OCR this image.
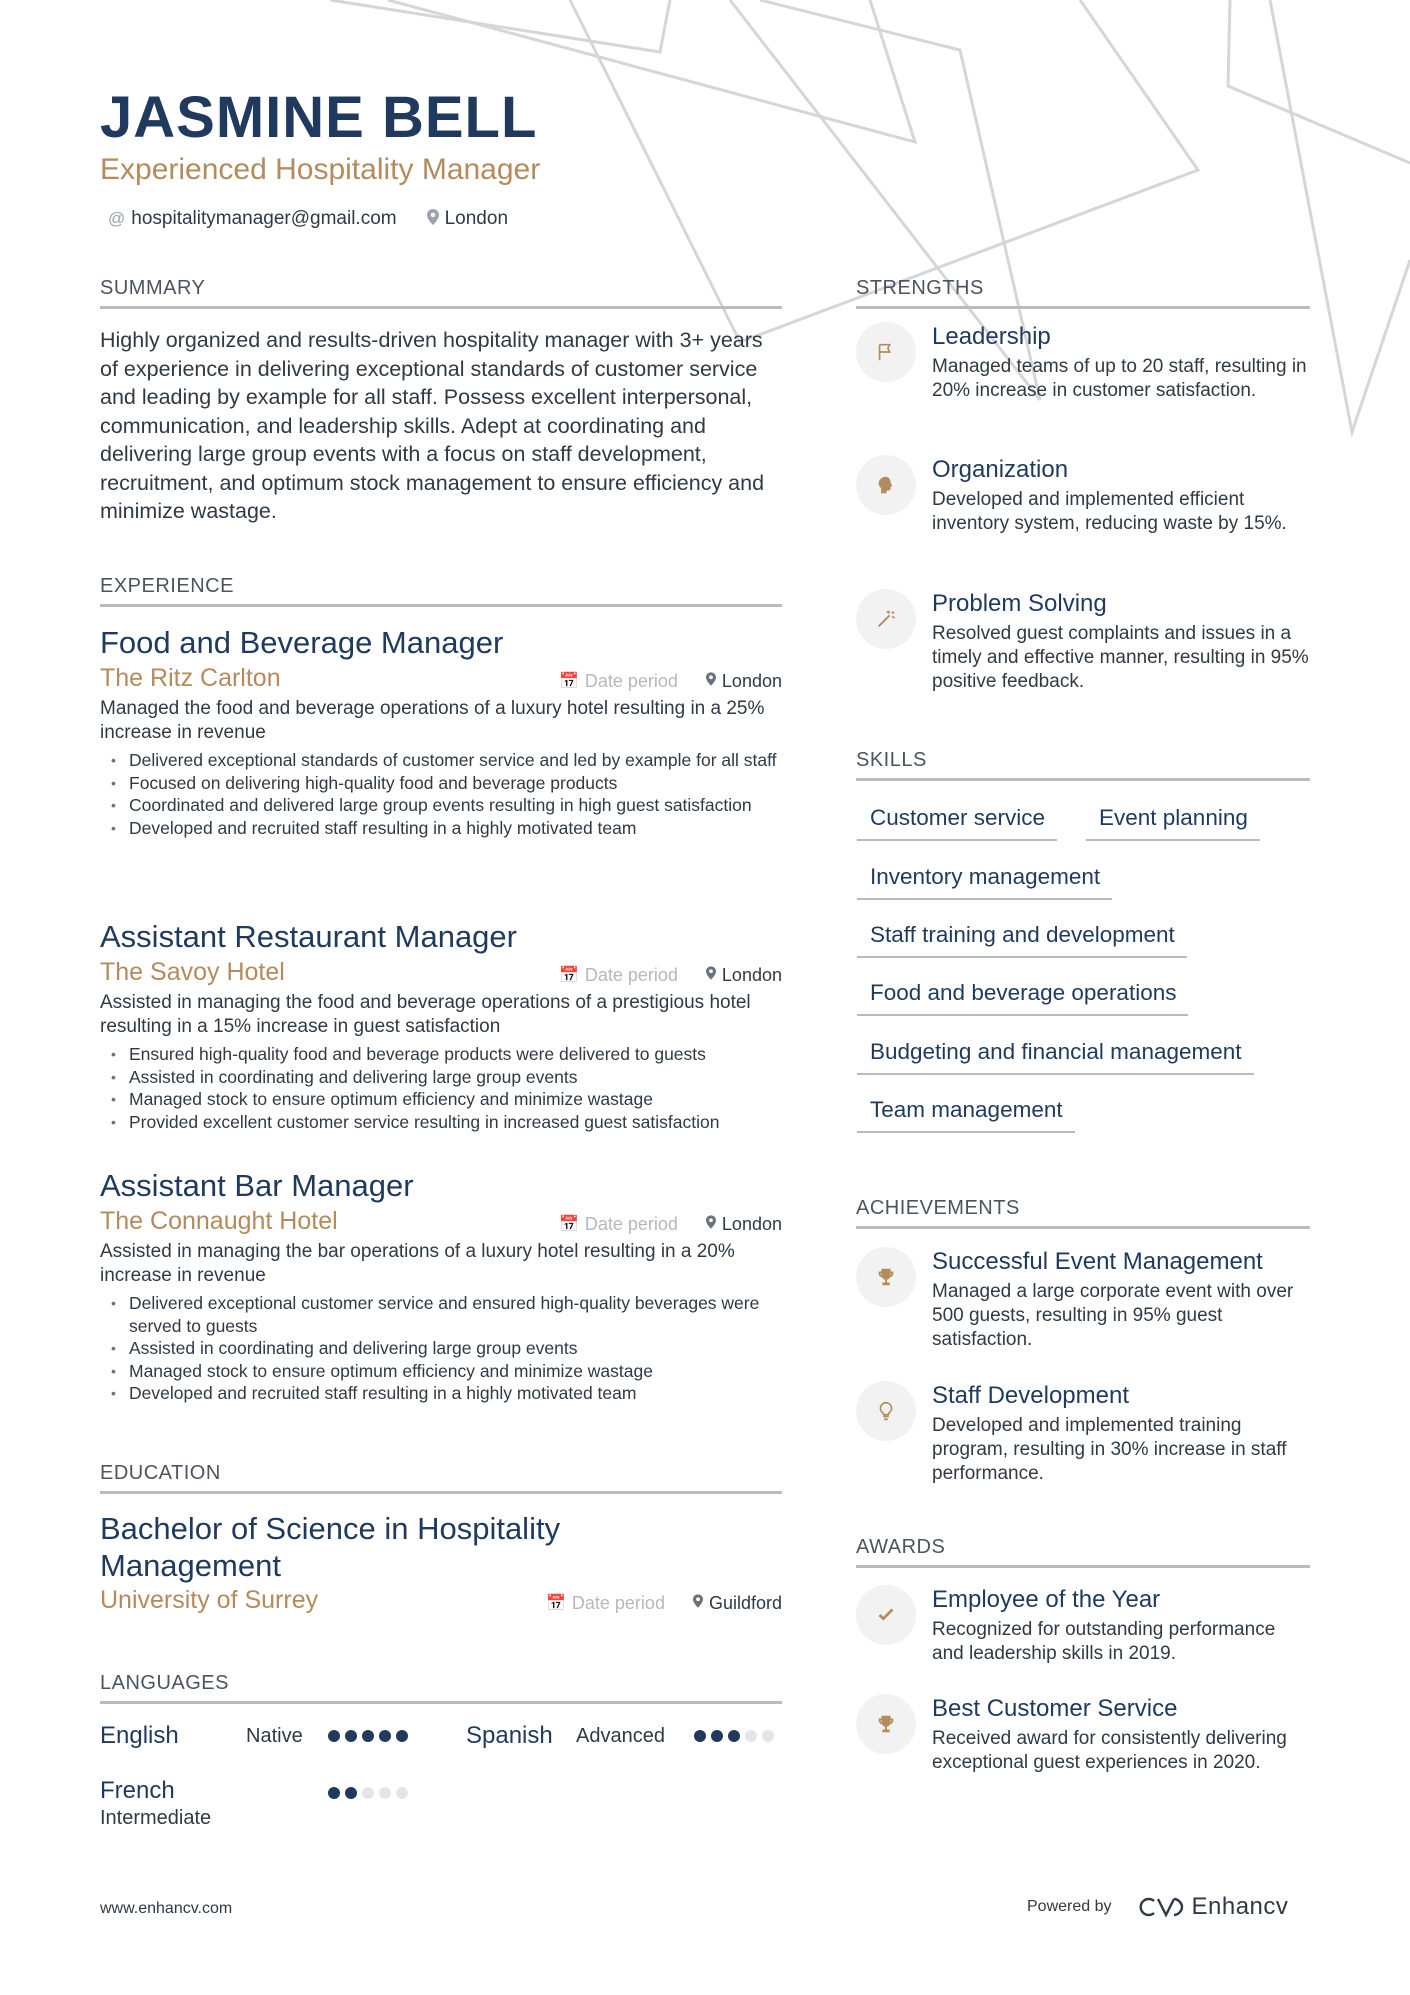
JASMINE BELL
Experienced Hospitality Manager
@ hospitalitymanager@gmail.com	London
SUMMARY
Highly organized and results-driven hospitality manager with 3+ years of experience in delivering exceptional standards of customer service and leading by example for all staff. Possess excellent interpersonal, communication, and leadership skills. Adept at coordinating and delivering large group events with a focus on staff development, recruitment, and optimum stock management to ensure efficiency and minimize wastage.
EXPERIENCE
Food and Beverage Manager
The Ritz Carlton	📅 Date period London
Managed the food and beverage operations of a luxury hotel resulting in a 25% increase in revenue
• Delivered exceptional standards of customer service and led by example for all staff
• Focused on delivering high-quality food and beverage products
• Coordinated and delivered large group events resulting in high guest satisfaction
• Developed and recruited staff resulting in a highly motivated team
Assistant Restaurant Manager
The Savoy Hotel	📅 Date period London
Assisted in managing the food and beverage operations of a prestigious hotel resulting in a 15% increase in guest satisfaction
• Ensured high-quality food and beverage products were delivered to guests
• Assisted in coordinating and delivering large group events
• Managed stock to ensure optimum efficiency and minimize wastage
• Provided excellent customer service resulting in increased guest satisfaction
Assistant Bar Manager
The Connaught Hotel	📅 Date period London
Assisted in managing the bar operations of a luxury hotel resulting in a 20% increase in revenue
• Delivered exceptional customer service and ensured high-quality beverages were served to guests
• Assisted in coordinating and delivering large group events
• Managed stock to ensure optimum efficiency and minimize wastage
• Developed and recruited staff resulting in a highly motivated team
EDUCATION
Bachelor of Science in Hospitality Management
University of Surrey	📅 Date period Guildford
LANGUAGES
English	Native	Spanish	Advanced
French
Intermediate
STRENGTHS
Leadership
Managed teams of up to 20 staff, resulting in 20% increase in customer satisfaction.
Organization
Developed and implemented efficient inventory system, reducing waste by 15%.
Problem Solving
Resolved guest complaints and issues in a timely and effective manner, resulting in 95% positive feedback.
SKILLS
Customer service	Event planning
Inventory management
Staff training and development
Food and beverage operations
Budgeting and financial management
Team management
ACHIEVEMENTS
Successful Event Management
Managed a large corporate event with over 500 guests, resulting in 95% guest satisfaction.
Staff Development
Developed and implemented training program, resulting in 30% increase in staff performance.
AWARDS
Employee of the Year
Recognized for outstanding performance and leadership skills in 2019.
Best Customer Service
Received award for consistently delivering exceptional guest experiences in 2020.
www.enhancv.com	Powered by	Enhancv
